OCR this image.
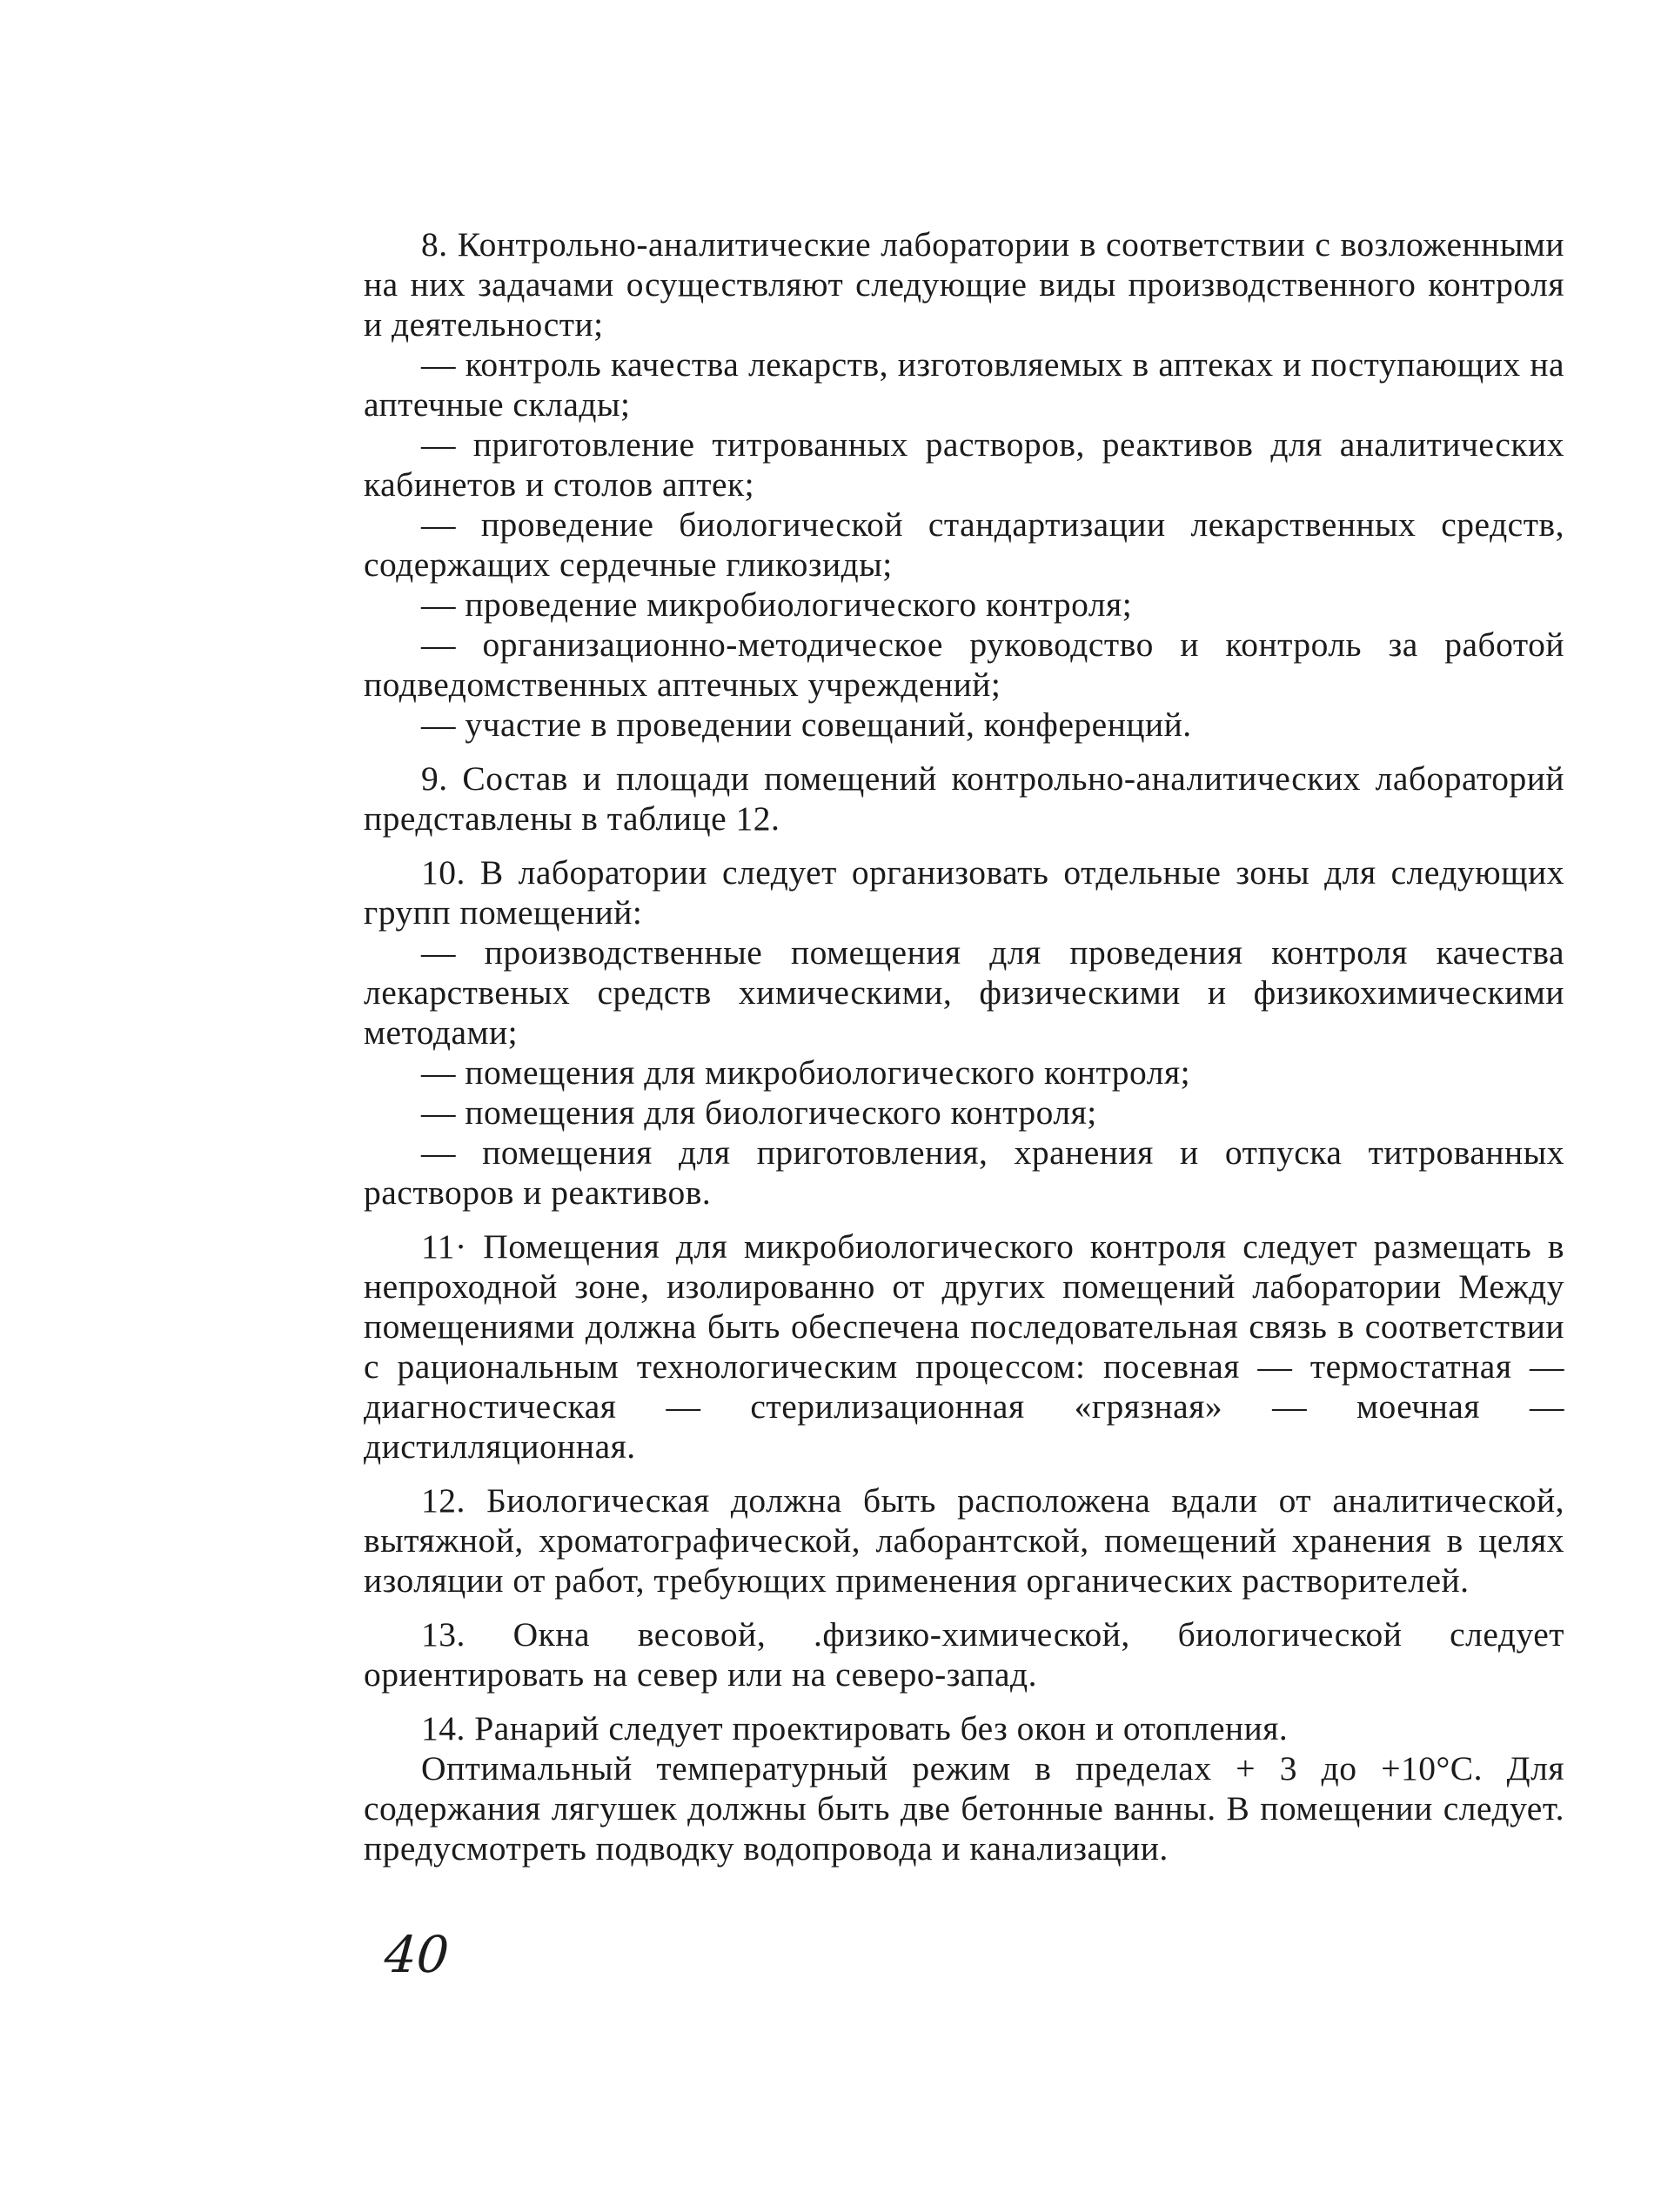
8. Контрольно-аналитические лаборатории в соответствии с возложенными на них задачами осуществляют следующие виды производственного контроля и деятельности;

— контроль качества лекарств, изготовляемых в аптеках и поступающих на аптечные склады;

— приготовление титрованных растворов, реактивов для аналитических кабинетов и столов аптек;

— проведение биологической стандартизации лекарственных средств, содержащих сердечные гликозиды;

— проведение микробиологического контроля;

— организационно-методическое руководство и контроль за работой подведомственных аптечных учреждений;

— участие в проведении совещаний, конференций.

9. Состав и площади помещений контрольно-аналитических лабораторий представлены в таблице 12.

10. В лаборатории следует организовать отдельные зоны для следующих групп помещений:

— производственные помещения для проведения контроля качества лекарственых средств химическими, физическими и физикохимическими методами;

— помещения для микробиологического контроля;

— помещения для биологического контроля;

— помещения для приготовления, хранения и отпуска титрованных растворов и реактивов.

11· Помещения для микробиологического контроля следует размещать в непроходной зоне, изолированно от других помещений лаборатории Между помещениями должна быть обеспечена последовательная связь в соответствии с рациональным технологическим процессом: посевная — термостатная — диагностическая — стерилизационная «грязная» — моечная — дистилляционная.

12. Биологическая должна быть расположена вдали от аналитической, вытяжной, хроматографической, лаборантской, помещений хранения в целях изоляции от работ, требующих применения органических растворителей.

13. Окна весовой, .физико-химической, биологической следует ориентировать на север или на северо-запад.

14. Ранарий следует проектировать без окон и отопления.

Оптимальный температурный режим в пределах + 3 до +10°С. Для содержания лягушек должны быть две бетонные ванны. В помещении следует. предусмотреть подводку водопровода и канализации.

40
